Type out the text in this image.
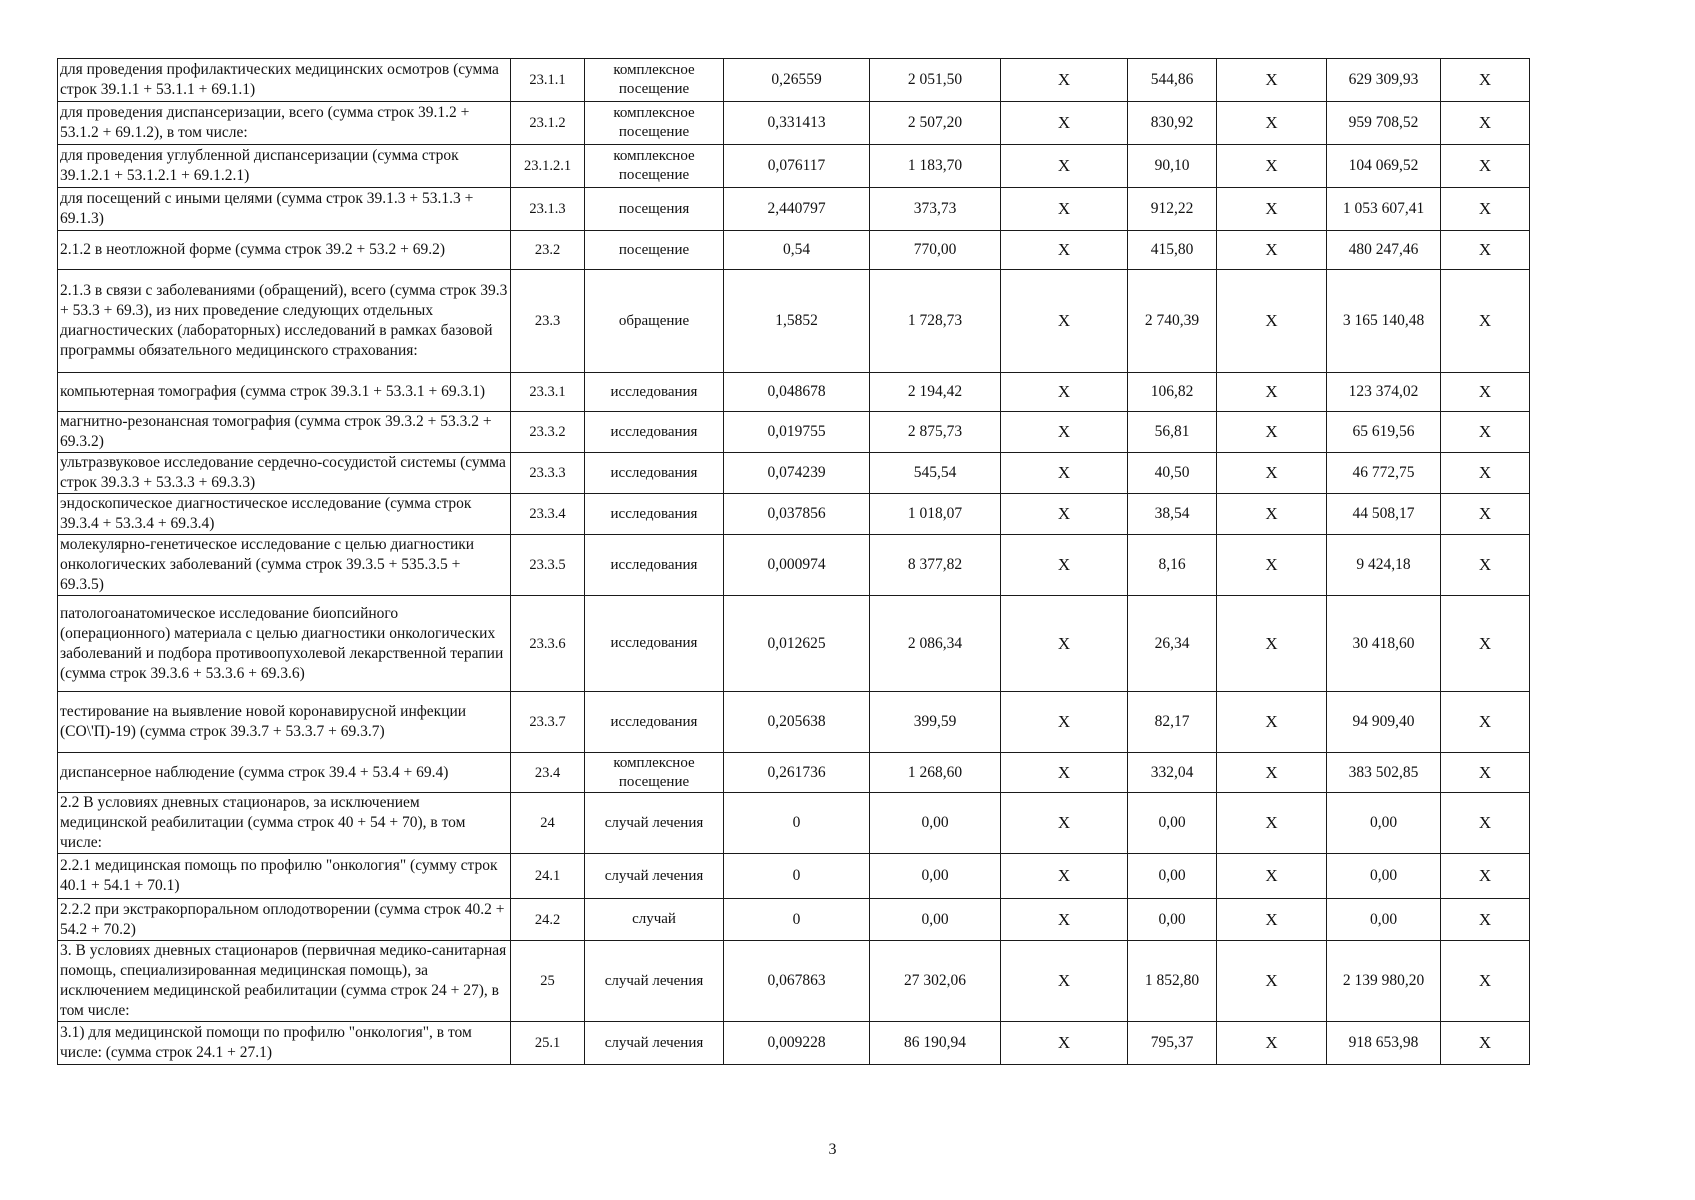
для проведения профилактических медицинских осмотров (сумма строк 39.1.1 + 53.1.1 + 69.1.1)	23.1.1	комплексное посещение	0,26559	2 051,50	Х	544,86	Х	629 309,93	Х
для проведения диспансеризации, всего (сумма строк 39.1.2 + 53.1.2 + 69.1.2), в том числе:	23.1.2	комплексное посещение	0,331413	2 507,20	Х	830,92	Х	959 708,52	Х
для проведения углубленной диспансеризации (сумма строк 39.1.2.1 + 53.1.2.1 + 69.1.2.1)	23.1.2.1	комплексное посещение	0,076117	1 183,70	Х	90,10	Х	104 069,52	Х
для посещений с иными целями (сумма строк 39.1.3 + 53.1.3 + 69.1.3)	23.1.3	посещения	2,440797	373,73	Х	912,22	Х	1 053 607,41	Х
2.1.2 в неотложной форме (сумма строк 39.2 + 53.2 + 69.2)	23.2	посещение	0,54	770,00	Х	415,80	Х	480 247,46	Х
2.1.3 в связи с заболеваниями (обращений), всего (сумма строк 39.3 + 53.3 + 69.3), из них проведение следующих отдельных диагностических (лабораторных) исследований в рамках базовой программы обязательного медицинского страхования:	23.3	обращение	1,5852	1 728,73	Х	2 740,39	Х	3 165 140,48	Х
компьютерная томография (сумма строк 39.3.1 + 53.3.1 + 69.3.1)	23.3.1	исследования	0,048678	2 194,42	Х	106,82	Х	123 374,02	Х
магнитно-резонансная томография (сумма строк 39.3.2 + 53.3.2 + 69.3.2)	23.3.2	исследования	0,019755	2 875,73	Х	56,81	Х	65 619,56	Х
ультразвуковое исследование сердечно-сосудистой системы (сумма строк 39.3.3 + 53.3.3 + 69.3.3)	23.3.3	исследования	0,074239	545,54	Х	40,50	Х	46 772,75	Х
эндоскопическое диагностическое исследование (сумма строк 39.3.4 + 53.3.4 + 69.3.4)	23.3.4	исследования	0,037856	1 018,07	Х	38,54	Х	44 508,17	Х
молекулярно-генетическое исследование с целью диагностики онкологических заболеваний (сумма строк 39.3.5 + 535.3.5 + 69.3.5)	23.3.5	исследования	0,000974	8 377,82	Х	8,16	Х	9 424,18	Х
патологоанатомическое исследование биопсийного (операционного) материала с целью диагностики онкологических заболеваний и подбора противоопухолевой лекарственной терапии (сумма строк 39.3.6 + 53.3.6 + 69.3.6)	23.3.6	исследования	0,012625	2 086,34	Х	26,34	Х	30 418,60	Х
тестирование на выявление новой коронавирусной инфекции (CO\'П)-19) (сумма строк 39.3.7 + 53.3.7 + 69.3.7)	23.3.7	исследования	0,205638	399,59	Х	82,17	Х	94 909,40	Х
диспансерное наблюдение (сумма строк 39.4 + 53.4 + 69.4)	23.4	комплексное посещение	0,261736	1 268,60	Х	332,04	Х	383 502,85	Х
2.2 В условиях дневных стационаров, за исключением медицинской реабилитации (сумма строк 40 + 54 + 70), в том числе:	24	случай лечения	0	0,00	Х	0,00	Х	0,00	Х
2.2.1 медицинская помощь по профилю "онкология" (сумму строк 40.1 + 54.1 + 70.1)	24.1	случай лечения	0	0,00	Х	0,00	Х	0,00	Х
2.2.2 при экстракорпоральном оплодотворении (сумма строк 40.2 + 54.2 + 70.2)	24.2	случай	0	0,00	Х	0,00	Х	0,00	Х
3. В условиях дневных стационаров (первичная медико-санитарная помощь, специализированная медицинская помощь), за исключением медицинской реабилитации (сумма строк 24 + 27), в том числе:	25	случай лечения	0,067863	27 302,06	Х	1 852,80	Х	2 139 980,20	Х
3.1) для медицинской помощи по профилю "онкология", в том числе: (сумма строк 24.1 + 27.1)	25.1	случай лечения	0,009228	86 190,94	Х	795,37	Х	918 653,98	Х
3
